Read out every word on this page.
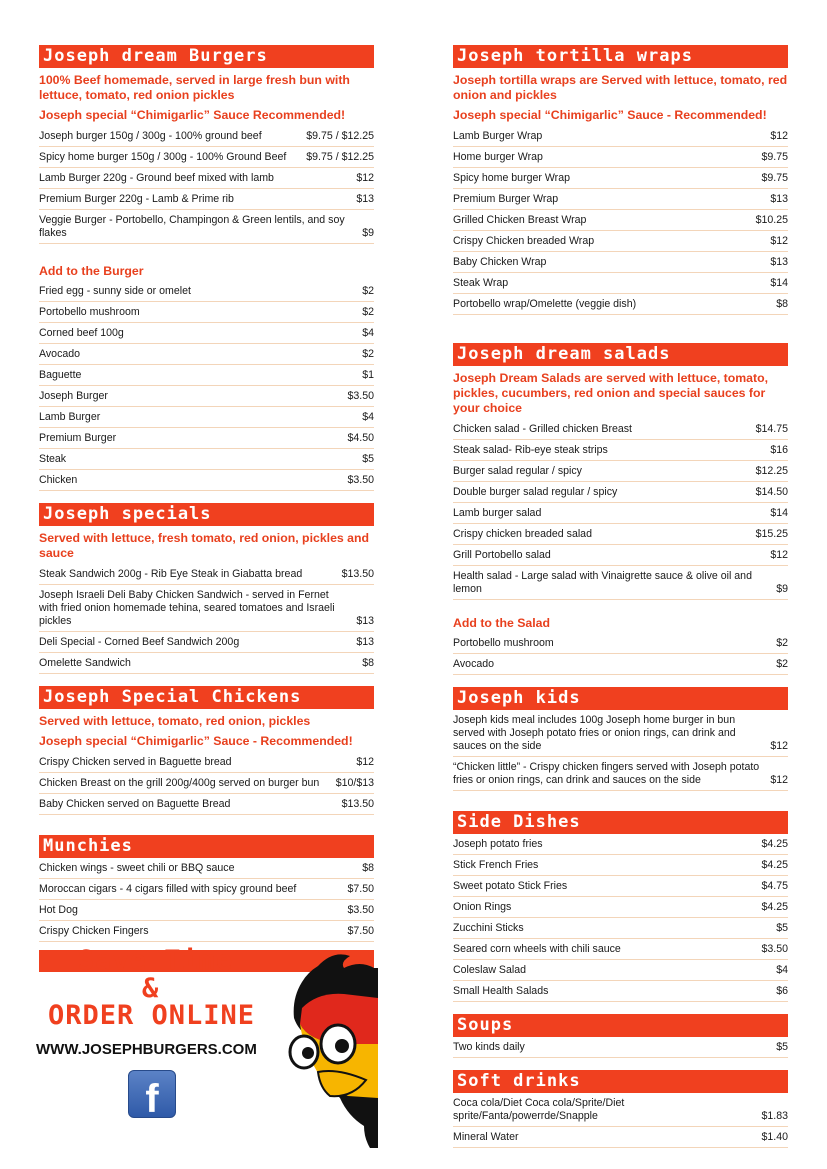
Joseph dream Burgers
100% Beef homemade, served in large fresh bun with lettuce, tomato, red onion pickles
Joseph special “Chimigarlic” Sauce Recommended!
Joseph burger 150g / 300g - 100% ground beef	$9.75 / $12.25
Spicy home burger 150g / 300g - 100% Ground Beef	$9.75 / $12.25
Lamb Burger 220g - Ground beef mixed with lamb	$12
Premium Burger 220g - Lamb & Prime rib	$13
Veggie Burger - Portobello, Champingon & Green lentils, and soy flakes	$9
Add to the Burger
Fried egg - sunny side or omelet	$2
Portobello mushroom	$2
Corned beef 100g	$4
Avocado	$2
Baguette	$1
Joseph Burger	$3.50
Lamb Burger	$4
Premium Burger	$4.50
Steak	$5
Chicken	$3.50
Joseph specials
Served with lettuce, fresh tomato, red onion, pickles and sauce
Steak Sandwich 200g - Rib Eye Steak in Giabatta bread	$13.50
Joseph Israeli Deli Baby Chicken Sandwich - served in Fernet with fried onion homemade tehina, seared tomatoes and Israeli pickles	$13
Deli Special - Corned Beef Sandwich 200g	$13
Omelette Sandwich	$8
Joseph Special Chickens
Served with lettuce, tomato, red onion, pickles
Joseph special “Chimigarlic” Sauce - Recommended!
Crispy Chicken served in Baguette bread	$12
Chicken Breast on the grill 200g/400g served on burger bun	$10/$13
Baby Chicken served on Baguette Bread	$13.50
Munchies
Chicken wings - sweet chili or BBQ sauce	$8
Moroccan cigars - 4 cigars filled with spicy ground beef	$7.50
Hot Dog	$3.50
Crispy Chicken Fingers	$7.50
Save Time
&
ORDER ONLINE
WWW.JOSEPHBURGERS.COM
f
Joseph tortilla wraps
Joseph tortilla wraps are Served with lettuce, tomato, red onion and pickles
Joseph special “Chimigarlic” Sauce - Recommended!
Lamb Burger Wrap	$12
Home burger Wrap	$9.75
Spicy home burger Wrap	$9.75
Premium Burger Wrap	$13
Grilled Chicken Breast Wrap	$10.25
Crispy Chicken breaded Wrap	$12
Baby Chicken Wrap	$13
Steak Wrap	$14
Portobello wrap/Omelette (veggie dish)	$8
Joseph dream salads
Joseph Dream Salads are served with lettuce, tomato, pickles, cucumbers, red onion and special sauces for your choice
Chicken salad - Grilled chicken Breast	$14.75
Steak salad- Rib-eye steak strips	$16
Burger salad regular / spicy	$12.25
Double burger salad regular / spicy	$14.50
Lamb burger salad	$14
Crispy chicken breaded salad	$15.25
Grill Portobello salad	$12
Health salad - Large salad with Vinaigrette sauce & olive oil and lemon	$9
Add to the Salad
Portobello mushroom	$2
Avocado	$2
Joseph kids
Joseph kids meal includes 100g Joseph home burger in bun served with Joseph potato fries or onion rings, can drink and sauces on the side	$12
“Chicken little” - Crispy chicken fingers served with Joseph potato fries or onion rings, can drink and sauces on the side	$12
Side Dishes
Joseph potato fries	$4.25
Stick French Fries	$4.25
Sweet potato Stick Fries	$4.75
Onion Rings	$4.25
Zucchini Sticks	$5
Seared corn wheels with chili sauce	$3.50
Coleslaw Salad	$4
Small Health Salads	$6
Soups
Two kinds daily	$5
Soft drinks
Coca cola/Diet Coca cola/Sprite/Diet sprite/Fanta/powerrde/Snapple	$1.83
Mineral Water	$1.40
